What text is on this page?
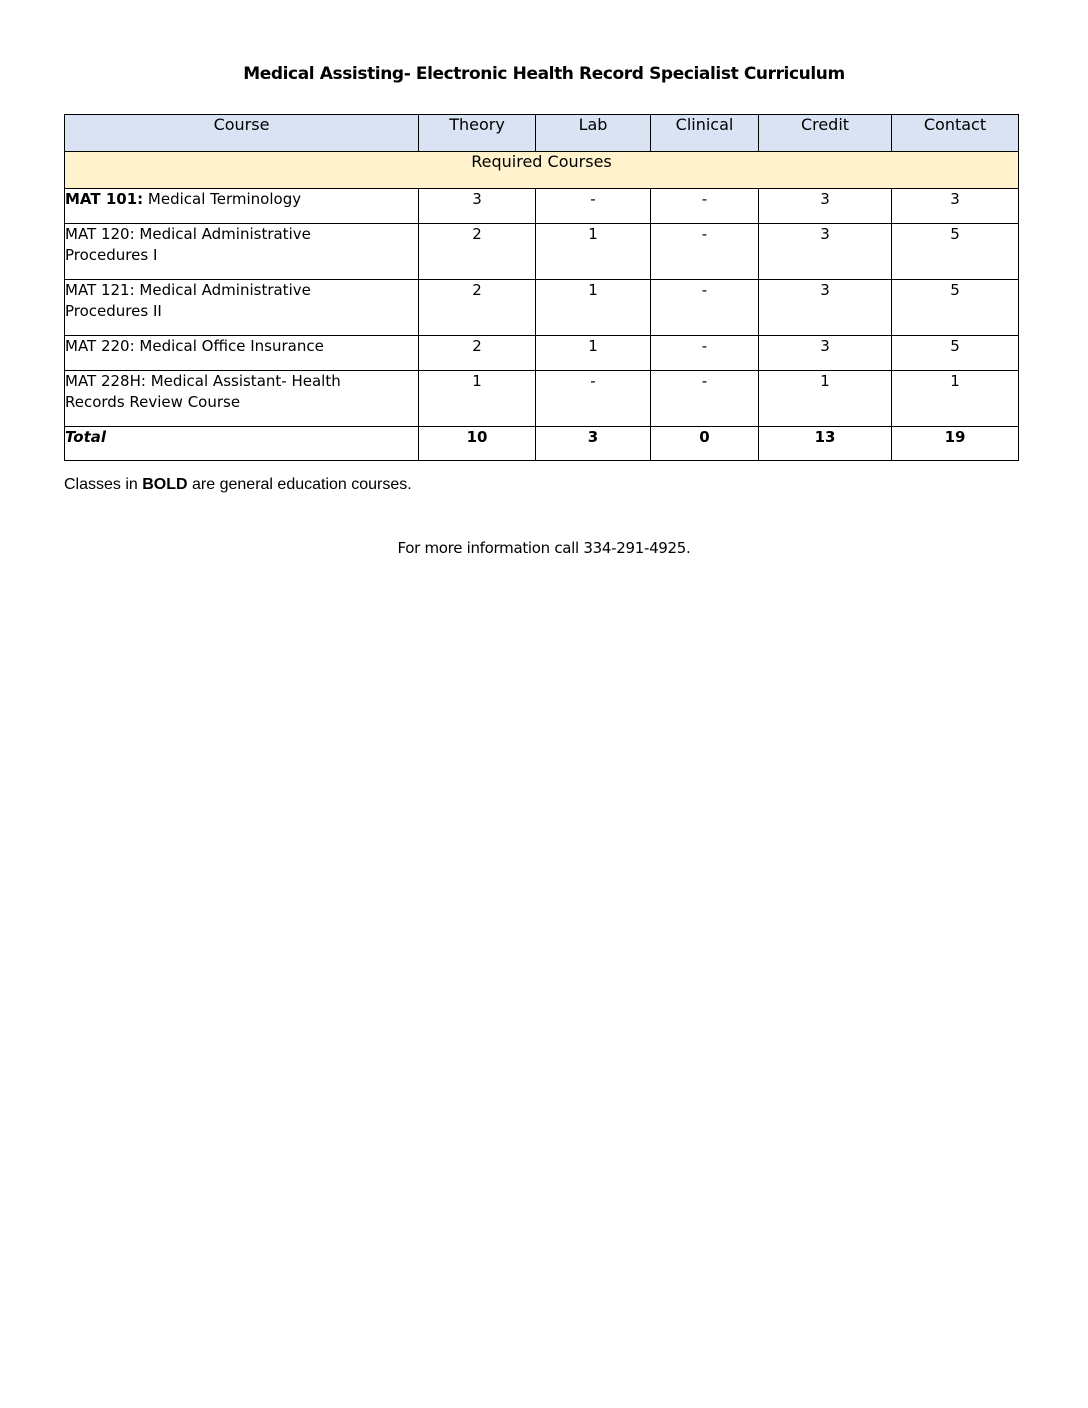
Medical Assisting- Electronic Health Record Specialist Curriculum
Course	Theory	Lab	Clinical	Credit	Contact
Required Courses					
MAT 101: Medical Terminology	3	-	-	3	3

MAT 120: Medical Administrative
Procedures I	2	1	-	3	5

MAT 121: Medical Administrative
Procedures II	2	1	-	3	5
MAT 220: Medical Office Insurance	2	1	-	3	5

MAT 228H: Medical Assistant- Health
Records Review Course	1	-	-	1	1
Total	10	3	0	13	19
Classes in BOLD are general education courses.
For more information call 334-291-4925.
